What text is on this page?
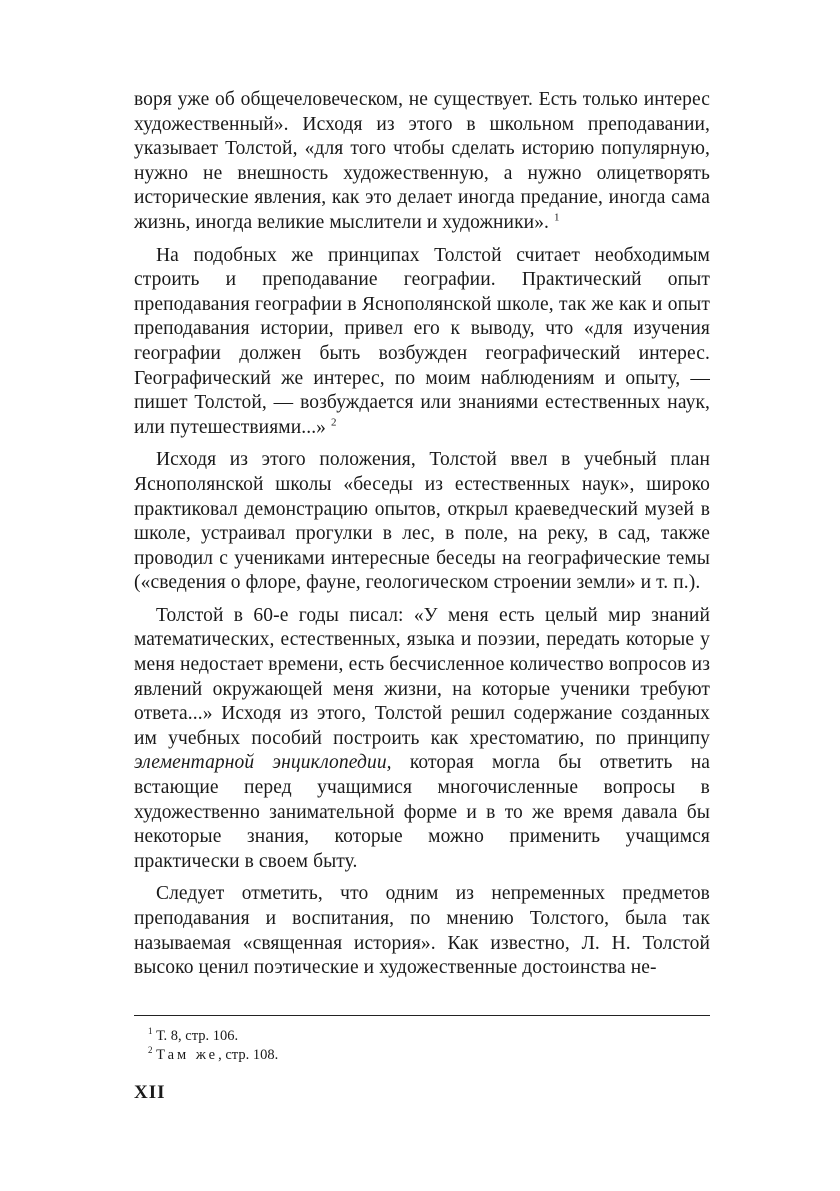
воря уже об общечеловеческом, не существует. Есть только интерес художественный». Исходя из этого в школьном преподавании, указывает Толстой, «для того чтобы сделать историю популярную, нужно не внешность художественную, а нужно олицетворять исторические явления, как это делает иногда предание, иногда сама жизнь, иногда великие мыслители и художники». $^1$

На подобных же принципах Толстой считает необходимым строить и преподавание географии. Практический опыт преподавания географии в Яснополянской школе, так же как и опыт преподавания истории, привел его к выводу, что «для изучения географии должен быть возбужден географический интерес. Географический же интерес, по моим наблюдениям и опыту, — пишет Толстой, — возбуждается или знаниями естественных наук, или путешествиями...» $^2$

Исходя из этого положения, Толстой ввел в учебный план Яснополянской школы «беседы из естественных наук», широко практиковал демонстрацию опытов, открыл краеведческий музей в школе, устраивал прогулки в лес, в поле, на реку, в сад, также проводил с учениками интересные беседы на географические темы («сведения о флоре, фауне, геологическом строении земли» и т. п.).

Толстой в 60-е годы писал: «У меня есть целый мир знаний математических, естественных, языка и поэзии, передать которые у меня недостает времени, есть бесчисленное количество вопросов из явлений окружающей меня жизни, на которые ученики требуют ответа...» Исходя из этого, Толстой решил содержание созданных им учебных пособий построить как хрестоматию, по принципу элементарной энциклопедии, которая могла бы ответить на встающие перед учащимися многочисленные вопросы в художественно занимательной форме и в то же время давала бы некоторые знания, которые можно применить учащимся практически в своем быту.

Следует отметить, что одним из непременных предметов преподавания и воспитания, по мнению Толстого, была так называемая «священная история». Как известно, Л. Н. Толстой высоко ценил поэтические и художественные достоинства не-

$^1$ Т. 8, стр. 106.

$^2$ Там же, стр. 108.

XII
